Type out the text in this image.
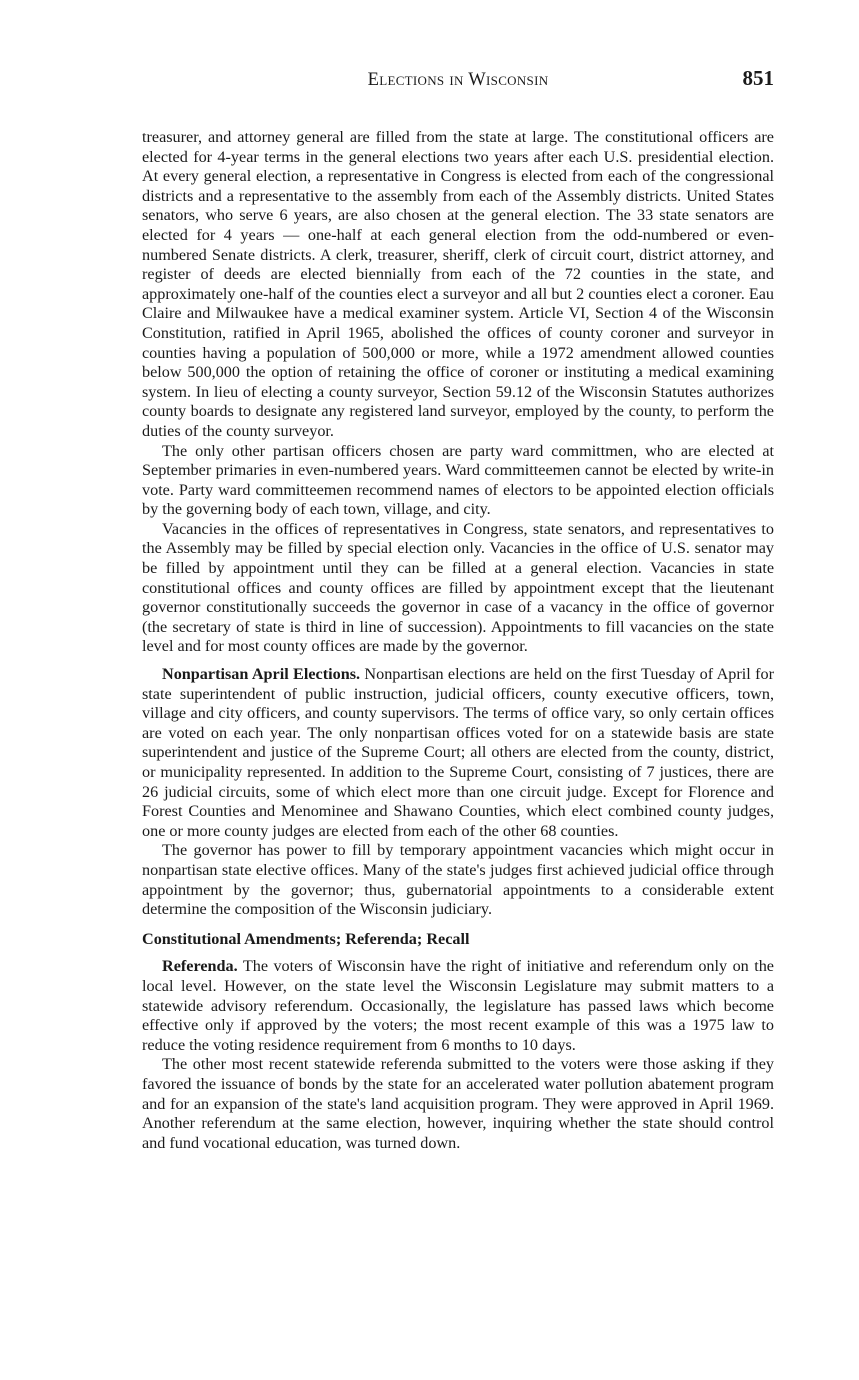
Elections in Wisconsin	851

treasurer, and attorney general are filled from the state at large. The constitutional officers are elected for 4-year terms in the general elections two years after each U.S. presidential election. At every general election, a representative in Congress is elected from each of the congressional districts and a representative to the assembly from each of the Assembly districts. United States senators, who serve 6 years, are also chosen at the general election. The 33 state senators are elected for 4 years — one-half at each general election from the odd-numbered or even-numbered Senate districts. A clerk, treasurer, sheriff, clerk of circuit court, district attorney, and register of deeds are elected biennially from each of the 72 counties in the state, and approximately one-half of the counties elect a surveyor and all but 2 counties elect a coroner. Eau Claire and Milwaukee have a medical examiner system. Article VI, Section 4 of the Wisconsin Constitution, ratified in April 1965, abolished the offices of county coroner and surveyor in counties having a population of 500,000 or more, while a 1972 amendment allowed counties below 500,000 the option of retaining the office of coroner or instituting a medical examining system. In lieu of electing a county surveyor, Section 59.12 of the Wisconsin Statutes authorizes county boards to designate any registered land surveyor, employed by the county, to perform the duties of the county surveyor.

The only other partisan officers chosen are party ward committmen, who are elected at September primaries in even-numbered years. Ward committeemen cannot be elected by write-in vote. Party ward committeemen recommend names of electors to be appointed election officials by the governing body of each town, village, and city.

Vacancies in the offices of representatives in Congress, state senators, and representatives to the Assembly may be filled by special election only. Vacancies in the office of U.S. senator may be filled by appointment until they can be filled at a general election. Vacancies in state constitutional offices and county offices are filled by appointment except that the lieutenant governor constitutionally succeeds the governor in case of a vacancy in the office of governor (the secretary of state is third in line of succession). Appointments to fill vacancies on the state level and for most county offices are made by the governor.

Nonpartisan April Elections. Nonpartisan elections are held on the first Tuesday of April for state superintendent of public instruction, judicial officers, county executive officers, town, village and city officers, and county supervisors. The terms of office vary, so only certain offices are voted on each year. The only nonpartisan offices voted for on a statewide basis are state superintendent and justice of the Supreme Court; all others are elected from the county, district, or municipality represented. In addition to the Supreme Court, consisting of 7 justices, there are 26 judicial circuits, some of which elect more than one circuit judge. Except for Florence and Forest Counties and Menominee and Shawano Counties, which elect combined county judges, one or more county judges are elected from each of the other 68 counties.

The governor has power to fill by temporary appointment vacancies which might occur in nonpartisan state elective offices. Many of the state's judges first achieved judicial office through appointment by the governor; thus, gubernatorial appointments to a considerable extent determine the composition of the Wisconsin judiciary.

Constitutional Amendments; Referenda; Recall

Referenda. The voters of Wisconsin have the right of initiative and referendum only on the local level. However, on the state level the Wisconsin Legislature may submit matters to a statewide advisory referendum. Occasionally, the legislature has passed laws which become effective only if approved by the voters; the most recent example of this was a 1975 law to reduce the voting residence requirement from 6 months to 10 days.

The other most recent statewide referenda submitted to the voters were those asking if they favored the issuance of bonds by the state for an accelerated water pollution abatement program and for an expansion of the state's land acquisition program. They were approved in April 1969. Another referendum at the same election, however, inquiring whether the state should control and fund vocational education, was turned down.
